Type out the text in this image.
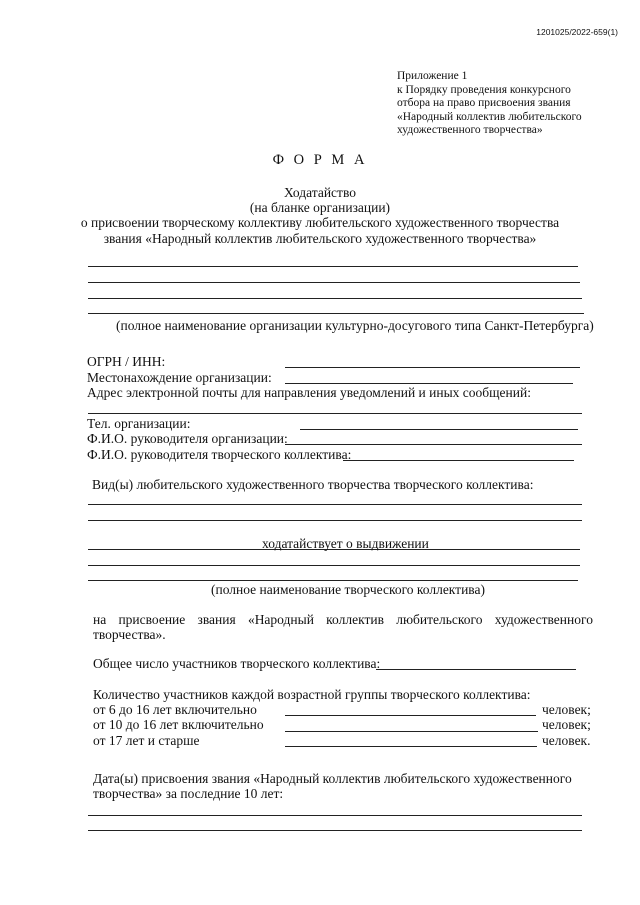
1201025/2022-659(1)
Приложение 1
к Порядку проведения конкурсного
отбора на право присвоения звания
«Народный коллектив любительского
художественного творчества»
Ф О Р М А
Ходатайство
(на бланке организации)
о присвоении творческому коллективу любительского художественного творчества
звания «Народный коллектив любительского художественного творчества»
(полное наименование организации культурно-досугового типа Санкт-Петербурга)
ОГРН / ИНН:
Местонахождение организации:
Адрес электронной почты для направления уведомлений и иных сообщений:
Тел. организации:
Ф.И.О. руководителя организации:
Ф.И.О. руководителя творческого коллектива:
Вид(ы) любительского художественного творчества творческого коллектива:
ходатайствует о выдвижении
(полное наименование творческого коллектива)
на присвоение звания «Народный коллектив любительского художественного
творчества».
Общее число участников творческого коллектива:
Количество участников каждой возрастной группы творческого коллектива:
от 6 до 16 лет включительно	человек;
от 10 до 16 лет включительно	человек;
от 17 лет и старше	человек.
Дата(ы) присвоения звания «Народный коллектив любительского художественного
творчества» за последние 10 лет:
